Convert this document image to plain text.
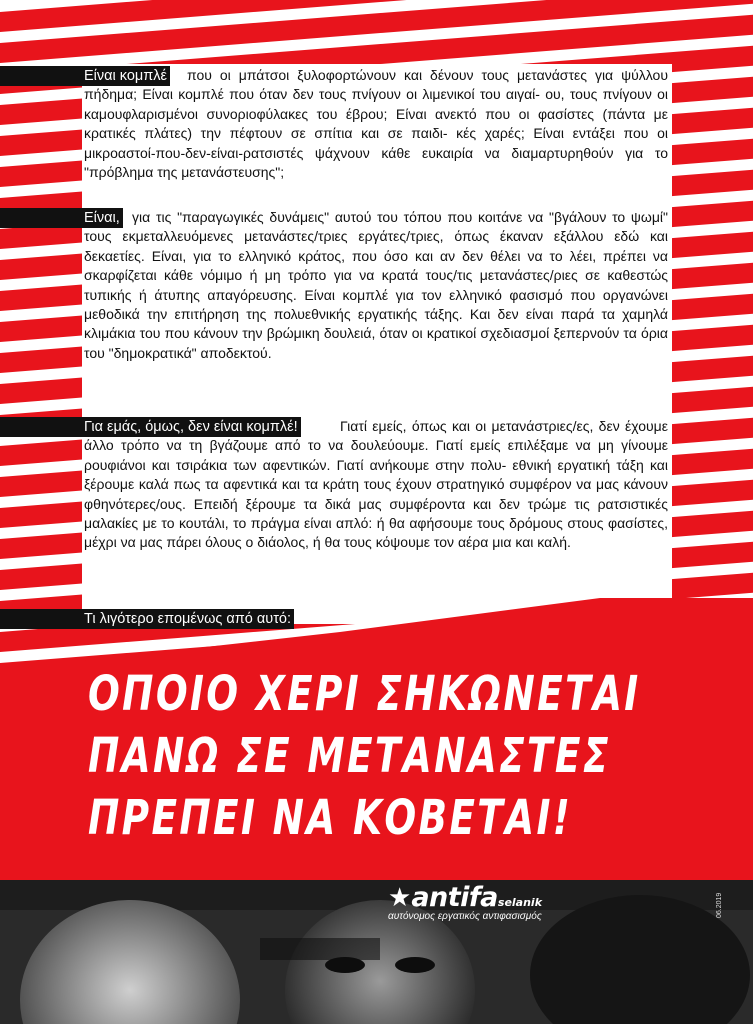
Είναι κομπλέ	που οι μπάτσοι ξυλοφορτώνουν και δένουν τους μετανάστες για ψύλλου πήδημα; Είναι κομπλέ που όταν δεν τους πνίγουν οι λιμενικοί του αιγαί- ου, τους πνίγουν οι καμουφλαρισμένοι συνοριοφύλακες του έβρου; Είναι ανεκτό που οι φασίστες (πάντα με κρατικές πλάτες) την πέφτουν σε σπίτια και σε παιδι- κές χαρές; Είναι εντάξει που οι μικροαστοί-που-δεν-είναι-ρατσιστές ψάχνουν κάθε ευκαιρία να διαμαρτυρηθούν για το "πρόβλημα της μετανάστευσης";

Είναι, για τις "παραγωγικές δυνάμεις" αυτού του τόπου που κοιτάνε να "βγάλουν το ψωμί" τους εκμεταλλευόμενες μετανάστες/τριες εργάτες/τριες, όπως έκαναν εξάλλου εδώ και δεκαετίες. Είναι, για το ελληνικό κράτος, που όσο και αν δεν θέλει να το λέει, πρέπει να σκαρφίζεται κάθε νόμιμο ή μη τρόπο για να κρατά τους/τις μετανάστες/ριες σε καθεστώς τυπικής ή άτυπης απαγόρευσης. Είναι κομπλέ για τον ελληνικό φασισμό που οργανώνει μεθοδικά την επιτήρηση της πολυεθνικής εργατικής τάξης. Και δεν είναι παρά τα χαμηλά κλιμάκια του που κάνουν την βρώμικη δουλειά, όταν οι κρατικοί σχεδιασμοί ξεπερνούν τα όρια του "δημοκρατικά" αποδεκτού.

Για εμάς, όμως, δεν είναι κομπλέ!	Γιατί εμείς, όπως και οι μετανάστριες/ες, δεν έχουμε άλλο τρόπο να τη βγάζουμε από το να δουλεύουμε. Γιατί εμείς επιλέξαμε να μη γίνουμε ρουφιάνοι και τσιράκια των αφεντικών. Γιατί ανήκουμε στην πολυ- εθνική εργατική τάξη και ξέρουμε καλά πως τα αφεντικά και τα κράτη τους έχουν στρατηγικό συμφέρον να μας κάνουν φθηνότερες/ους. Επειδή ξέρουμε τα δικά μας συμφέροντα και δεν τρώμε τις ρατσιστικές μαλακίες με το κουτάλι, το πράγμα είναι απλό: ή θα αφήσουμε τους δρόμους στους φασίστες, μέχρι να μας πάρει όλους ο διάολος, ή θα τους κόψουμε τον αέρα μια και καλή.

Τι λιγότερο επομένως από αυτό:
ΟΠΟΙΟ ΧΕΡΙ ΣΗΚΩΝΕΤΑΙ
ΠΑΝΩ ΣΕ ΜΕΤΑΝΑΣΤΕΣ
ΠΡΕΠΕΙ ΝΑ ΚΟΒΕΤΑΙ!
★antifaselanik
αυτόνομος εργατικός αντιφασισμός	06.2019
